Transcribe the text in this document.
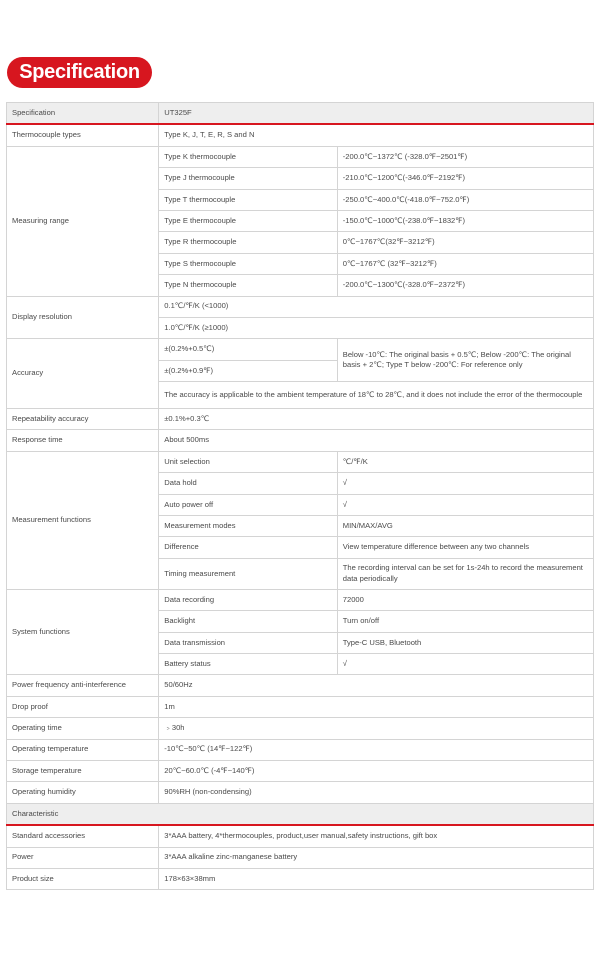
Specification
Specification	UT325F	
Thermocouple types	Type K, J, T, E, R, S and N	
Measuring range	Type K thermocouple	-200.0℃~1372℃ (-328.0℉~2501℉)
	Type J thermocouple	-210.0℃~1200℃(-346.0℉~2192℉)
	Type T thermocouple	-250.0℃~400.0℃(-418.0℉~752.0℉)
	Type E thermocouple	-150.0℃~1000℃(-238.0℉~1832℉)
	Type R thermocouple	0℃~1767℃(32℉~3212℉)
	Type S thermocouple	0℃~1767℃ (32℉~3212℉)
	Type N thermocouple	-200.0℃~1300℃(-328.0℉~2372℉)
Display resolution	0.1℃/℉/K (<1000)	
	1.0℃/℉/K (≥1000)	
Accuracy	±(0.2%+0.5℃)	Below -10℃: The original basis + 0.5℃; Below -200℃: The original basis + 2℃; Type T below -200℃: For reference only
	±(0.2%+0.9℉)	
	The accuracy is applicable to the ambient temperature of 18℃ to 28℃, and it does not include the error of the thermocouple	
Repeatability accuracy	±0.1%+0.3℃	
Response time	About 500ms	
Measurement functions	Unit selection	℃/℉/K
	Data hold	√
	Auto power off	√
	Measurement modes	MIN/MAX/AVG
	Difference	View temperature difference between any two channels
	Timing measurement	The recording interval can be set for 1s-24h to record the measurement data periodically
System functions	Data recording	72000
	Backlight	Turn on/off
	Data transmission	Type-C USB, Bluetooth
	Battery status	√
Power frequency anti-interference	50/60Hz	
Drop proof	1m	
Operating time	﹥30h	
Operating temperature	-10℃~50℃ (14℉~122℉)	
Storage temperature	20℃~60.0℃ (-4℉~140℉)	
Operating humidity	90%RH (non-condensing)	
Characteristic		
Standard accessories	3*AAA battery, 4*thermocouples, product,user manual,safety instructions, gift box	
Power	3*AAA alkaline zinc-manganese battery	
Product size	178×63×38mm	
